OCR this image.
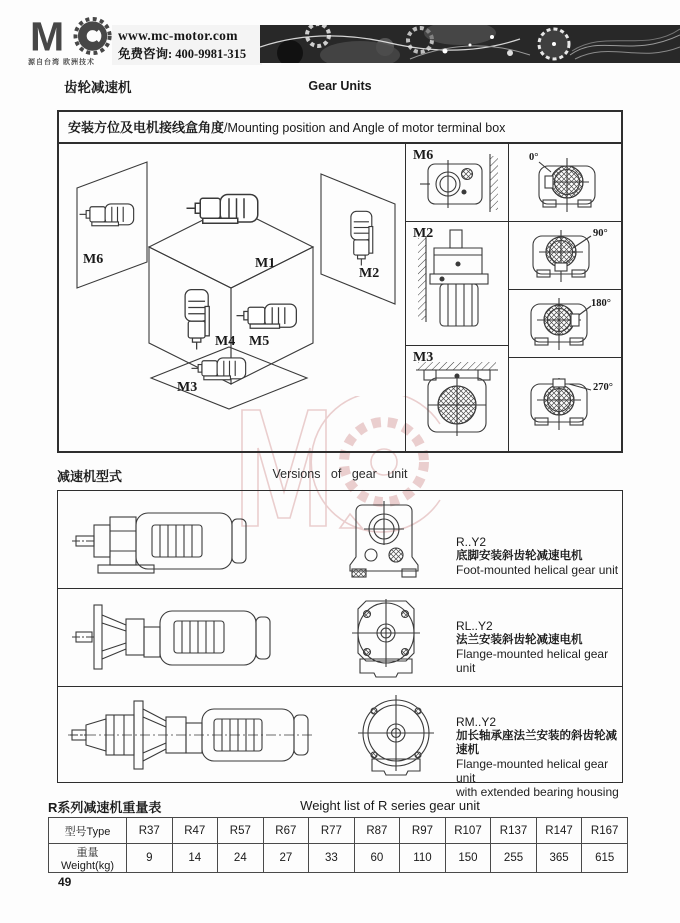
M
源自台湾 欧洲技术
www.mc-motor.com
免费咨询: 400-9981-315
齿轮减速机	Gear Units
安装方位及电机接线盒角度/Mounting position and Angle of motor terminal box
M6	M1
M2
M4 M5
M3
M6
M2
M3
0°
90°
180°
270°
减速机型式	Versions of gear unit
R..Y2
底脚安装斜齿轮减速电机
Foot-mounted helical gear unit
RL..Y2
法兰安装斜齿轮减速电机
Flange-mounted helical gear unit
RM..Y2
加长轴承座法兰安装的斜齿轮减速机
Flange-mounted helical gear unit
with extended bearing housing
R系列减速机重量表	Weight list of R series gear unit
型号Type	R37	R47	R57	R67	R77	R87	R97	R107	R137	R147	R167
重量Weight(kg)	9	14	24	27	33	60	110	150	255	365	615
49
